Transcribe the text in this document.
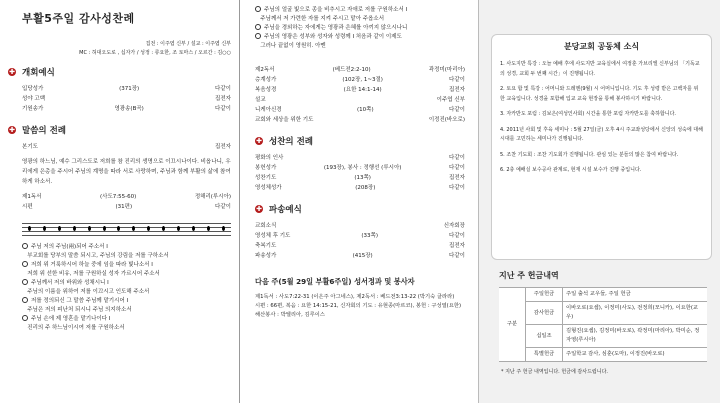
부활5주일 감사성찬례
집전 : 이주엽 신부 / 설교 : 이주엽 신부
MC : 허대오도로 , 십자가 / 성정 : 류요한, 조 토마스 / 오르간 : 김○○
✚ 개회예식
입당성가	(371장)	다같이
성야 고백	집전자
기원송가	영광송(B곡)	다같이
✚ 말씀의 전례
본기도	집전자
영광의 하느님, 예수 그리스도로 저희를 참 진리의 생명으로 이끄시나이다. 비옵나니, 우리에게 은총을 주시어 주님의 계명을 따라 서로 사랑하며, 주님과 함께 부활의 삶에 참여하게 하소서.
제1독서	(사도7:55-60)	정해리(루시아)
시편	(31편)	다같이
주님 저의 주님(兩)되어 주소서 Ⅰ
부교회를 당부의 말씀 되시고, 주님의 강림을 저를 구하소서
저희 위 거룩하시어 하늘 중에 임을 따라 빛나소서 Ⅰ
저희 위 선한 비유, 저를 구원하실 성자 가르시어 주소서
주님께서 저의 바위와 성채시니 Ⅰ
주님의 이름을 위하여 저를 이끄시고 인도해 주소서
저를 정의되신 그 말씀 주님께 맡기시어 Ⅰ
주님은 저의 피난처 되시니 주님 의지하소서
주님 손에 제 영혼을 맡기나이다 Ⅰ
진리의 주 하느님이시여 저를 구원하소서
주님의 얼굴 빛으로 종을 비추시고 자애로 저를 구원하소서 Ⅰ
주님께서 저 가련한 자를 지켜 주시고 맡아 주옵소서
주님을 경외하는 자에게는 영광과 은혜를 아끼지 않으시나니
주님의 영광은 성부와 성자와 성령께 Ⅰ 처음과 같이 이제도
그러나 끝없이 영원히. 아멘
제2독서	(베드전2:2-10)	곽정미(마리아)
층계성가	(102장, 1~3절)	다같이
복음성경	(요한 14:1-14)	집전자
설교	이주엽 신부
니케아신경	(10쪽)	다같이
교회와 세상을 위한 기도	이정진(바오로)
✚ 성찬의 전례
평화의 인사	다같이
봉헌성가	(193장), 봉사 : 정행선 (루시아)	다같이
성찬기도	(13쪽)	집전자
영성체성가	(208장)	다같이
✚ 파송예식
교회소식	신자회장
영성체 후 기도	(33쪽)	다같이
축복기도	집전자
파송성가	(415장)	다같이
다음 주(5월 29일 부활6주일) 성서정과 및 봉사자
제1독서 : 사도7:22-31 (이은주 아그네스), 제2독서 : 베드전3:13-22 (박기숙 클라라)
시편 : 66편, 복음 : 요한 14:15-21, 신자회의 기도 : 유현종(마르코), 봉헌 : 구성열(요한)
해산봉사 : 박엘리아, 김루이스
분당교회 공동체 소식
1. 사도지반 특강 : 오늘 예배 후에 사도지반 교육실에서 여정훈 가브리엘 신부님의 「기독교의 성경, 교회 두 번째 시간」이 진행됩니다.
2. 토요 합 및 특강 : 어머니와 드레헨(9월) 시 어머니입니다. 기도 후 성령 받은 고백자를 위한 교육입니다. 성경을 포함해 입교 교육 현장을 통해 봉사하시기 바랍니다.
3. 자카반도 포럼 : 김보은(여성인사회) 시간을 통한 포럼 자카반도를 축하합니다.
4. 2011년 사회 및 후육 세미나 : 5월 27일(금) 오후 4시 주교좌성당에서 신앙의 성숙에 대해 시대를 고민하는 세미나가 진행됩니다.
5. 조찬 기도회 : 조찬 기도회가 진행됩니다. 관심 있는 분들의 많은 참여 바랍니다.
6. 2층 예배실 보수공사 관계로, 현재 시설 보수가 진행 중입니다.
지난 주 헌금내역
구분	주일헌금	주일 출석 교우들, 주일 헌금
	감사헌금	이바오로(요셉), 이정미(사도), 전정희(모니카), 이요한(교우)
	십일조	김형진(요셉), 김정미(바오로), 곽정미(마리아), 박미순, 정자영(루시아)
	특별헌금	주일학교 감사, 심훈(도마), 이정진(바오로)
* 지난 주 헌금 내역입니다. 헌금에 감사드립니다.
